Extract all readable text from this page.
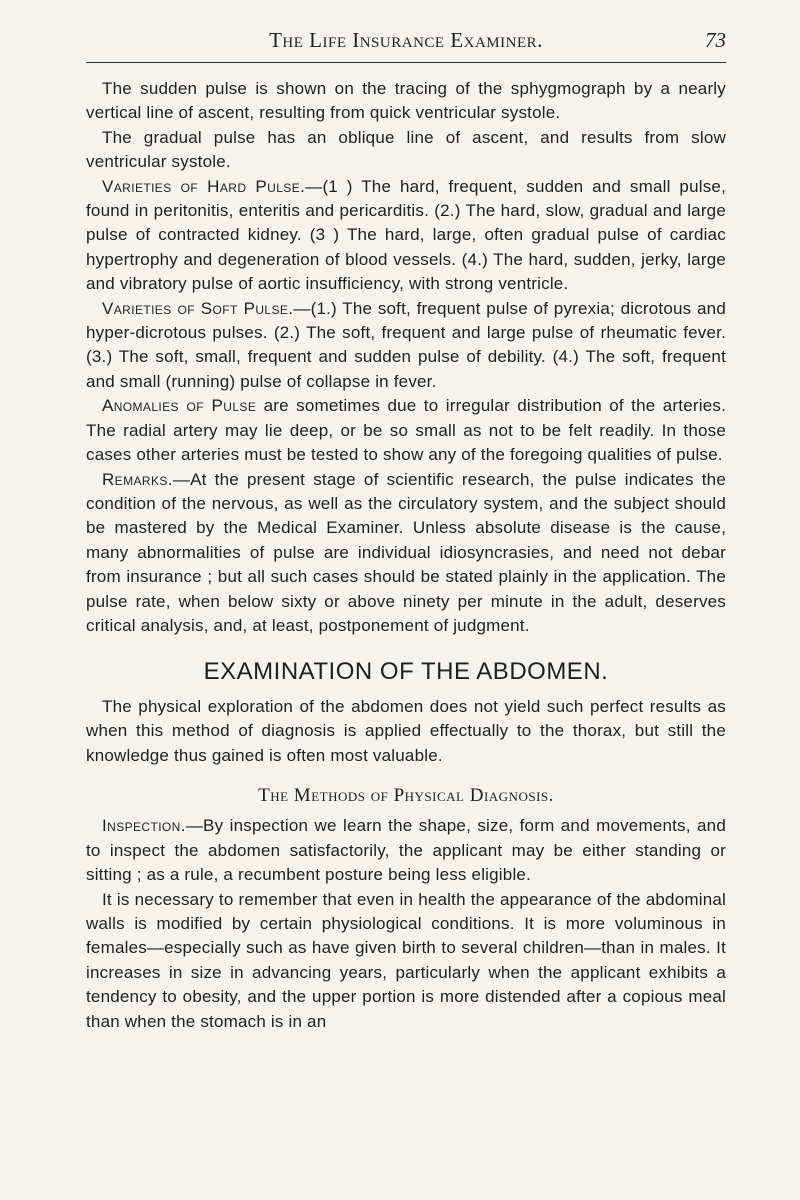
The Life Insurance Examiner.	73

The sudden pulse is shown on the tracing of the sphygmograph by a nearly vertical line of ascent, resulting from quick ventricular systole.

The gradual pulse has an oblique line of ascent, and results from slow ventricular systole.

Varieties of Hard Pulse.—(1 ) The hard, frequent, sudden and small pulse, found in peritonitis, enteritis and pericarditis. (2.) The hard, slow, gradual and large pulse of contracted kidney. (3 ) The hard, large, often gradual pulse of cardiac hypertrophy and degeneration of blood vessels. (4.) The hard, sudden, jerky, large and vibratory pulse of aortic insufficiency, with strong ventricle.

Varieties of Soft Pulse.—(1.) The soft, frequent pulse of pyrexia; dicrotous and hyper-dicrotous pulses. (2.) The soft, frequent and large pulse of rheumatic fever. (3.) The soft, small, frequent and sudden pulse of debility. (4.) The soft, frequent and small (running) pulse of collapse in fever.

Anomalies of Pulse are sometimes due to irregular distribution of the arteries. The radial artery may lie deep, or be so small as not to be felt readily. In those cases other arteries must be tested to show any of the foregoing qualities of pulse.

Remarks.—At the present stage of scientific research, the pulse indicates the condition of the nervous, as well as the circulatory system, and the subject should be mastered by the Medical Examiner. Unless absolute disease is the cause, many abnormalities of pulse are individual idiosyncrasies, and need not debar from insurance ; but all such cases should be stated plainly in the application. The pulse rate, when below sixty or above ninety per minute in the adult, deserves critical analysis, and, at least, postponement of judgment.

EXAMINATION OF THE ABDOMEN.

The physical exploration of the abdomen does not yield such perfect results as when this method of diagnosis is applied effectually to the thorax, but still the knowledge thus gained is often most valuable.

The Methods of Physical Diagnosis.

Inspection.—By inspection we learn the shape, size, form and movements, and to inspect the abdomen satisfactorily, the applicant may be either standing or sitting ; as a rule, a recumbent posture being less eligible.

It is necessary to remember that even in health the appearance of the abdominal walls is modified by certain physiological conditions. It is more voluminous in females—especially such as have given birth to several children—than in males. It increases in size in advancing years, particularly when the applicant exhibits a tendency to obesity, and the upper portion is more distended after a copious meal than when the stomach is in an
